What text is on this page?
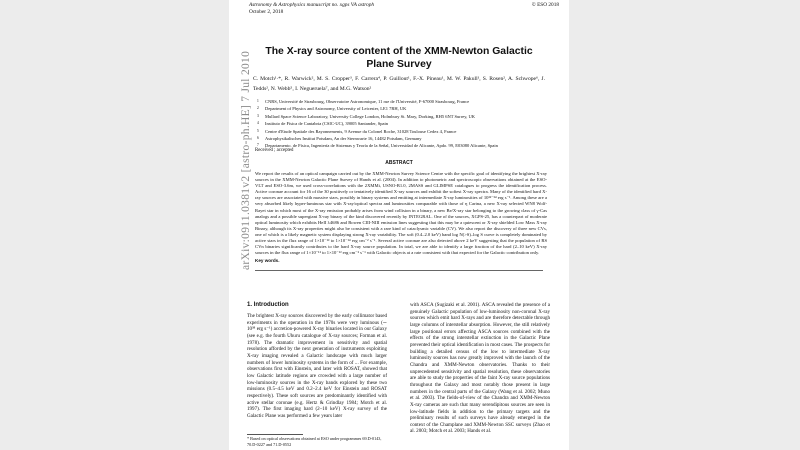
Astronomy & Astrophysics manuscript no. xgps VA astroph
October 2, 2018
© ESO 2018
The X-ray source content of the XMM-Newton Galactic Plane Survey
C. Motch¹·*, R. Warwick², M. S. Cropper³, F. Carrera⁴, P. Guillout¹, F.-X. Pineau¹, M. W. Pakull¹, S. Rosen², A. Schwope⁶, J. Tedds², N. Webb⁵, I. Negueruela⁷, and M.G. Watson²
1 CNRS, Université de Strasbourg, Observatoire Astronomique, 11 rue de l'Université, F-67000 Strasbourg, France
2 Department of Physics and Astronomy, University of Leicester, LE1 7RH, UK
3 Mullard Space Science Laboratory, University College London, Holmbury St. Mary, Dorking, RH5 6NT Surrey, UK
4 Instituto de Física de Cantabria (CSIC-UC), 39005 Santander, Spain
5 Centre d'Etude Spatiale des Rayonnements, 9 Avenue du Colonel Roche, 31028 Toulouse Cedex 4, France
6 Astrophysikalisches Institut Potsdam, An der Sternwarte 16, 14482 Potsdam, Germany
7 Departamento. de Física, Ingeniería de Sistemas y Teoría de la Señal, Universidad de Alicante, Apdo. 99, E03080 Alicante, Spain
Received ; accepted
ABSTRACT

We report the results of an optical campaign carried out by the XMM-Newton Survey Science Centre with the specific goal of identifying the brightest X-ray sources in the XMM-Newton Galactic Plane Survey of Hands et al. (2004). In addition to photometric and spectroscopic observations obtained at the ESO-VLT and ESO-3.6m, we used cross-correlations with the 2XMMi, USNO-B1.0, 2MASS and GLIMPSE catalogues to progress the identification process. Active coronae account for 16 of the 30 positively or tentatively identified X-ray sources and exhibit the softest X-ray spectra. Many of the identified hard X-ray sources are associated with massive stars, possibly in binary systems and emitting at intermediate X-ray luminosities of 10³²⁻³⁴ erg s⁻¹. Among these are a very absorbed likely hyper-luminous star with X-ray/optical spectra and luminosities comparable with those of η Carina, a new X-ray selected WN8 Wolf-Rayet star in which most of the X-ray emission probably arises from wind collision in a binary, a new Be/X-ray star belonging to the growing class of γ-Cas analogs and a possible supergiant X-ray binary of the kind discovered recently by INTEGRAL. One of the sources, XGPS-25, has a counterpart of moderate optical luminosity which exhibits HeII λ4686 and Bowen CIII-NIII emission lines suggesting that this may be a quiescent or X-ray shielded Low Mass X-ray Binary, although its X-ray properties might also be consistent with a rare kind of cataclysmic variable (CV). We also report the discovery of three new CVs, one of which is a likely magnetic system displaying strong X-ray variability. The soft (0.4–2.0 keV) band log N(>S)–log S curve is completely dominated by active stars in the flux range of 1×10⁻¹³ to 1×10⁻¹⁴ erg cm⁻² s⁻¹. Several active coronae are also detected above 2 keV suggesting that the population of RS CVn binaries significantly contributes to the hard X-ray source population. In total, we are able to identify a large fraction of the hard (2–10 keV) X-ray sources in the flux range of 1×10⁻¹² to 1×10⁻¹³ erg cm⁻² s⁻¹ with Galactic objects at a rate consistent with that expected for the Galactic contribution only.

Key words.
1. Introduction

The brightest X-ray sources discovered by the early collimator based experiments in the operation in the 1970s were very luminous (∼ 10³⁸ erg s⁻¹) accretion-powered X-ray binaries located in our Galaxy (see e.g. the fourth Uhuru catalogue of X-ray sources; Forman et al. 1978). The dramatic improvement in sensitivity and spatial resolution afforded by the next generation of instruments exploiting X-ray imaging revealed a Galactic landscape with much larger numbers of lower luminosity systems in the form of ... For example, observations first with Einstein, and later with ROSAT, showed that low Galactic latitude regions are crowded with a large number of low-luminosity sources in the X-ray bands explored by these two missions (0.5–4.5 keV and 0.2–2.4 keV for Einstein and ROSAT respectively). These soft sources are predominantly identified with active stellar coronae (e.g. Hertz & Grindlay 1984; Motch et al. 1997). The first imaging hard (2–10 keV) X-ray survey of the Galactic Plane was performed a few years later

with ASCA (Sugizaki et al. 2001). ASCA revealed the presence of a genuinely Galactic population of low-luminosity non-coronal X-ray sources which emit hard X-rays and are therefore detectable through large columns of interstellar absorption. However, the still relatively large positional errors affecting ASCA sources combined with the effects of the strong interstellar extinction in the Galactic Plane prevented their optical identification in most cases. The prospects for building a detailed census of the low to intermediate X-ray luminosity sources has now greatly improved with the launch of the Chandra and XMM-Newton observatories. Thanks to their unprecedented sensitivity and spatial resolution, these observatories are able to study the properties of the faint X-ray source populations throughout the Galaxy and most notably those present in large numbers in the central parts of the Galaxy (Wang et al. 2002; Muno et al. 2003). The fields-of-view of the Chandra and XMM-Newton X-ray cameras are such that many serendipitous sources are seen in low-latitude fields in addition to the primary targets and the preliminary results of such surveys have already emerged in the context of the Champlane and XMM-Newton SSC surveys (Zhao et al. 2003; Motch et al. 2003; Hands et al.

* Based on optical observations obtained at ESO under programmes 69.D-0143, 70.D-0227 and 71.D-0552
arXiv:0911.0381v2 [astro-ph.HE] 7 Jul 2010
